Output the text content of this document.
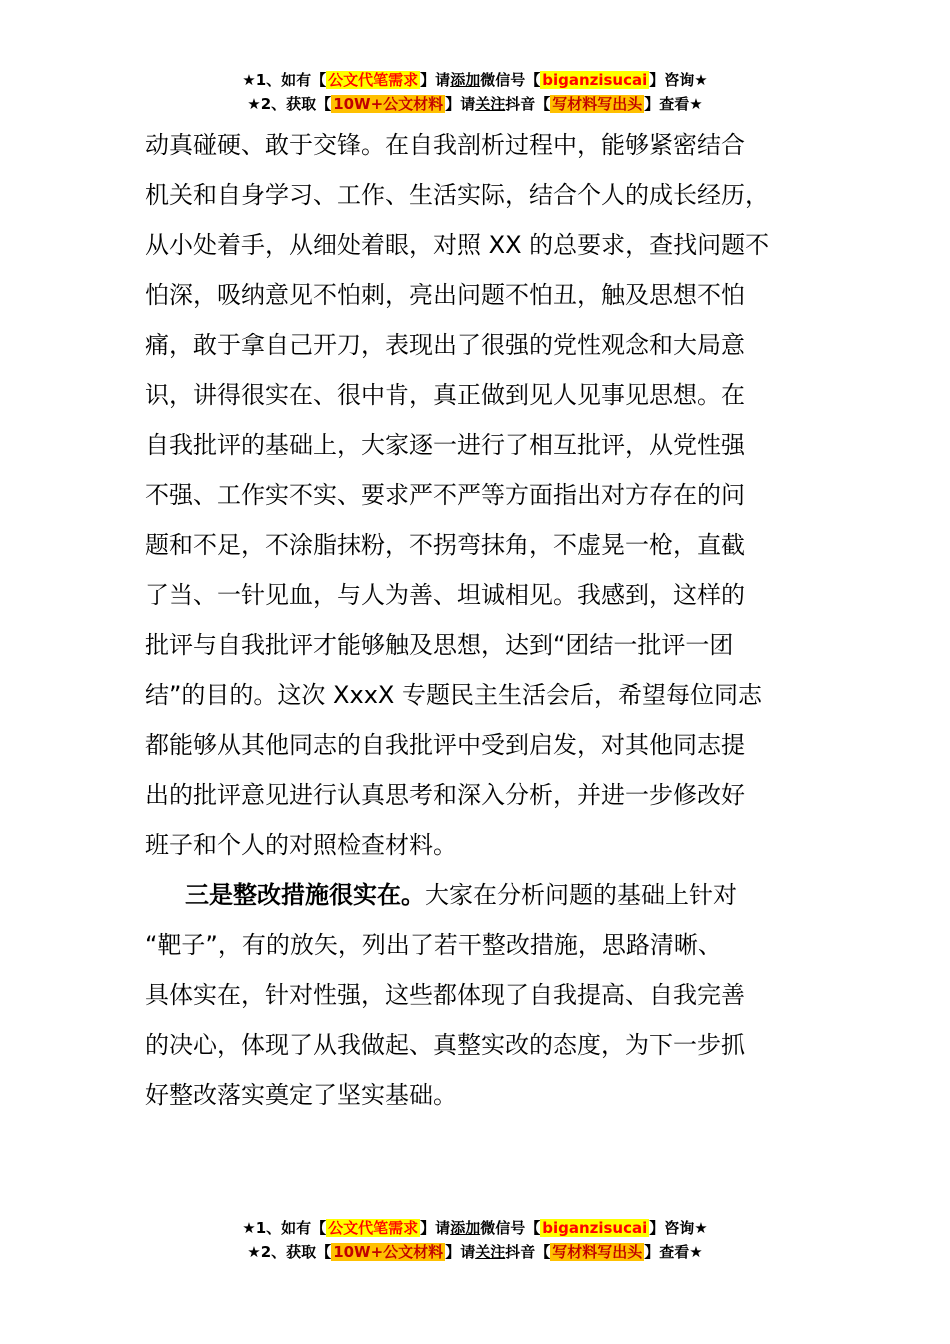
★1、如有【 公文代笔需求 】请添加微信号【 biganzisucai 】咨询★
★2、获取【 10W+公文材料 】请关注抖音【 写材料写出头 】查看★
动真碰硬、敢于交锋。在自我剖析过程中，能够紧密结合
机关和自身学习、工作、生活实际，结合个人的成长经历，
从小处着手，从细处着眼，对照 XX 的总要求，查找问题不
怕深，吸纳意见不怕刺，亮出问题不怕丑，触及思想不怕
痛，敢于拿自己开刀，表现出了很强的党性观念和大局意
识，讲得很实在、很中肯，真正做到见人见事见思想。在
自我批评的基础上，大家逐一进行了相互批评，从党性强
不强、工作实不实、要求严不严等方面指出对方存在的问
题和不足，不涂脂抹粉，不拐弯抹角，不虚晃一枪，直截
了当、一针见血，与人为善、坦诚相见。我感到，这样的
批评与自我批评才能够触及思想，达到“团结一批评一团
结”的目的。这次 XxxX 专题民主生活会后，希望每位同志
都能够从其他同志的自我批评中受到启发，对其他同志提
出的批评意见进行认真思考和深入分析，并进一步修改好
班子和个人的对照检查材料。
三是整改措施很实在。大家在分析问题的基础上针对
“靶子”，有的放矢，列出了若干整改措施，思路清晰、
具体实在，针对性强，这些都体现了自我提高、自我完善
的决心，体现了从我做起、真整实改的态度，为下一步抓
好整改落实奠定了坚实基础。
★1、如有【 公文代笔需求 】请添加微信号【 biganzisucai 】咨询★
★2、获取【 10W+公文材料 】请关注抖音【 写材料写出头 】查看★
